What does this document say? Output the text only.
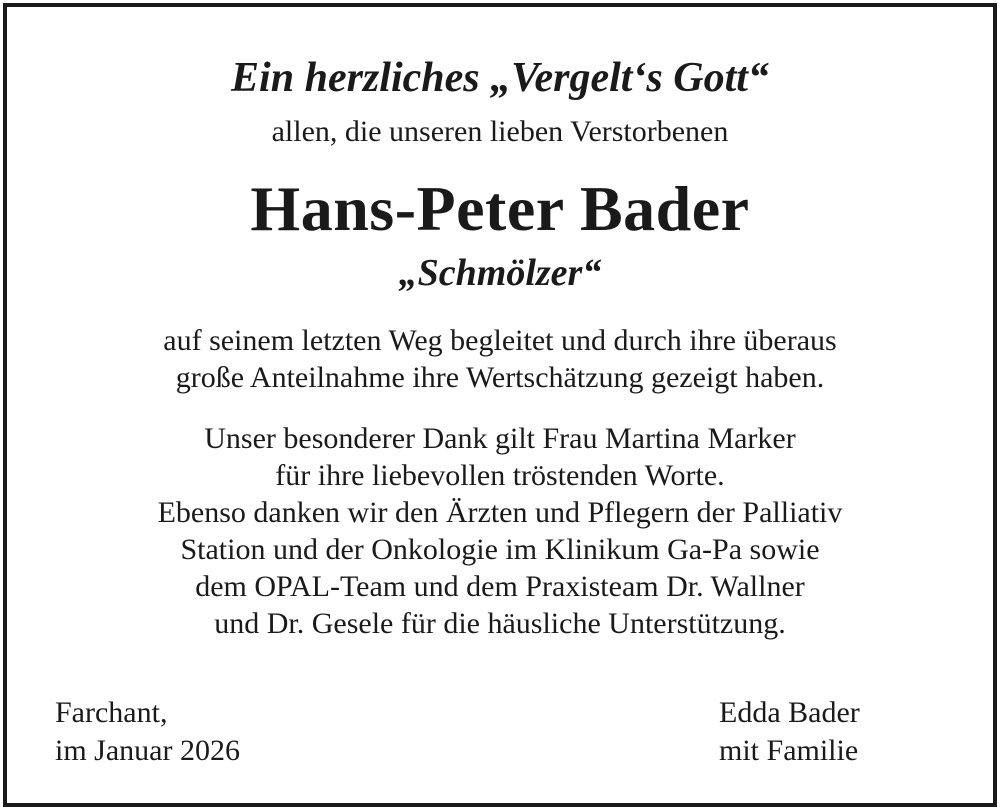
Ein herzliches „Vergelt‘s Gott“
allen, die unseren lieben Verstorbenen
Hans-Peter Bader
„Schmölzer“
auf seinem letzten Weg begleitet und durch ihre überaus
große Anteilnahme ihre Wertschätzung gezeigt haben.
Unser besonderer Dank gilt Frau Martina Marker
für ihre liebevollen tröstenden Worte.
Ebenso danken wir den Ärzten und Pflegern der Palliativ
Station und der Onkologie im Klinikum Ga-Pa sowie
dem OPAL-Team und dem Praxisteam Dr. Wallner
und Dr. Gesele für die häusliche Unterstützung.
Farchant,
im Januar 2026
Edda Bader
mit Familie
